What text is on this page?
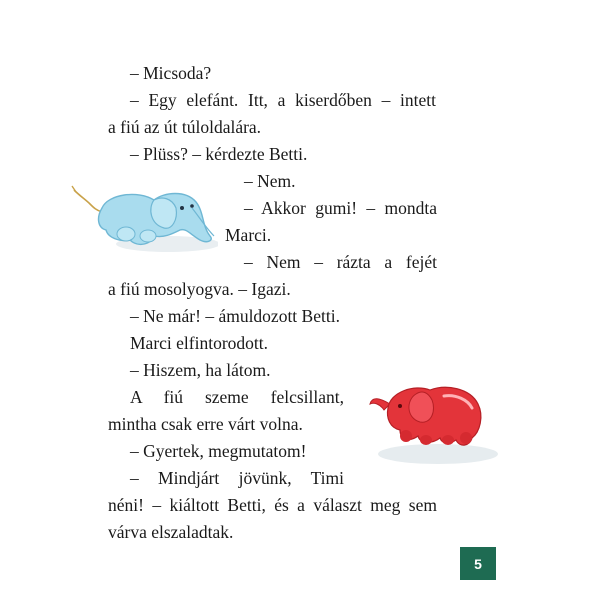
– Micsoda?
– Egy elefánt. Itt, a kiserdőben – intett
a fiú az út túloldalára.
– Plüss? – kérdezte Betti.
– Nem.
– Akkor gumi! – mondta
Marci.
– Nem – rázta a fejét
a fiú mosolyogva. – Igazi.
– Ne már! – ámuldozott Betti.
Marci elfintorodott.
– Hiszem, ha látom.
A fiú szeme felcsillant,
mintha csak erre várt volna.
– Gyertek, megmutatom!
– Mindjárt jövünk, Timi
néni! – kiáltott Betti, és a választ meg sem
várva elszaladtak.
5
